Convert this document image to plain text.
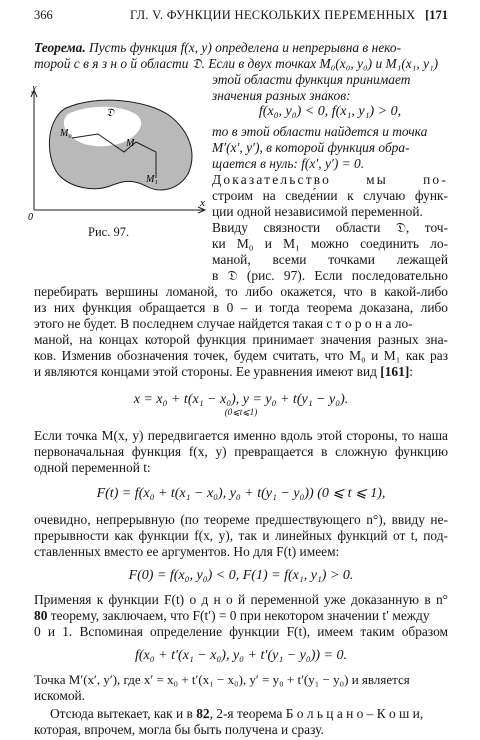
366	ГЛ. V. ФУНКЦИИ НЕСКОЛЬКИХ ПЕРЕМЕННЫХ [171
Теорема. Пусть функция f(x, y) определена и непрерывна в неко-
торой с в я з н о й области 𝔇. Если в двух точках M₀(x₀, y₀) и M₁(x₁, y₁)
y
x
0
𝔇
M₀
M
M₁
Рис. 97.
этой области функция принимает
значения разных знаков:
f(x₀, y₀) < 0, f(x₁, y₁) > 0,
то в этой области найдется и точка
M′(x′, y′), в которой функция обра-
щается в нуль: f(x′, y′) = 0.
Доказательство мы по-
строим на сведе́нии к случаю функ-
ции одной независимой переменной.
Ввиду связности области 𝔇, точ-
ки M₀ и M₁ можно соединить ло-
маной, всеми точками лежащей
в 𝔇 (рис. 97). Если последовательно
перебирать вершины ломаной, то либо окажется, что в какой-либо
из них функция обращается в 0 – и тогда теорема доказана, либо
этого не будет. В последнем случае найдется такая с т о р о н а ло-
маной, на концах которой функция принимает значения разных зна-
ков. Изменив обозначения точек, будем считать, что M₀ и M₁ как раз
и являются концами этой стороны. Ее уравнения имеют вид [161]:
x = x₀ + t(x₁ − x₀), y = y₀ + t(y₁ − y₀).
(0⩽t⩽1)
Если точка M(x, y) передвигается именно вдоль этой стороны, то наша
первоначальная функция f(x, y) превращается в сложную функцию
одной переменной t:
F(t) = f(x₀ + t(x₁ − x₀), y₀ + t(y₁ − y₀)) (0 ⩽ t ⩽ 1),
очевидно, непрерывную (по теореме предшествующего n°), ввиду не-
прерывности как функции f(x, y), так и линейных функций от t, под-
ставленных вместо ее аргументов. Но для F(t) имеем:
F(0) = f(x₀, y₀) < 0, F(1) = f(x₁, y₁) > 0.
Применяя к функции F(t) о д н о й переменной уже доказанную в n°
80 теорему, заключаем, что F(t′) = 0 при некотором значении t′ между
0 и 1. Вспоминая определение функции F(t), имеем таким образом
f(x₀ + t′(x₁ − x₀), y₀ + t′(y₁ − y₀)) = 0.
Точка M′(x′, y′), где x′ = x₀ + t′(x₁ − x₀), y′ = y₀ + t′(y₁ − y₀) и является
искомой.
Отсюда вытекает, как и в 82, 2-я теорема Б о л ь ц а н о – К о ш и,
которая, впрочем, могла бы быть получена и сразу.
